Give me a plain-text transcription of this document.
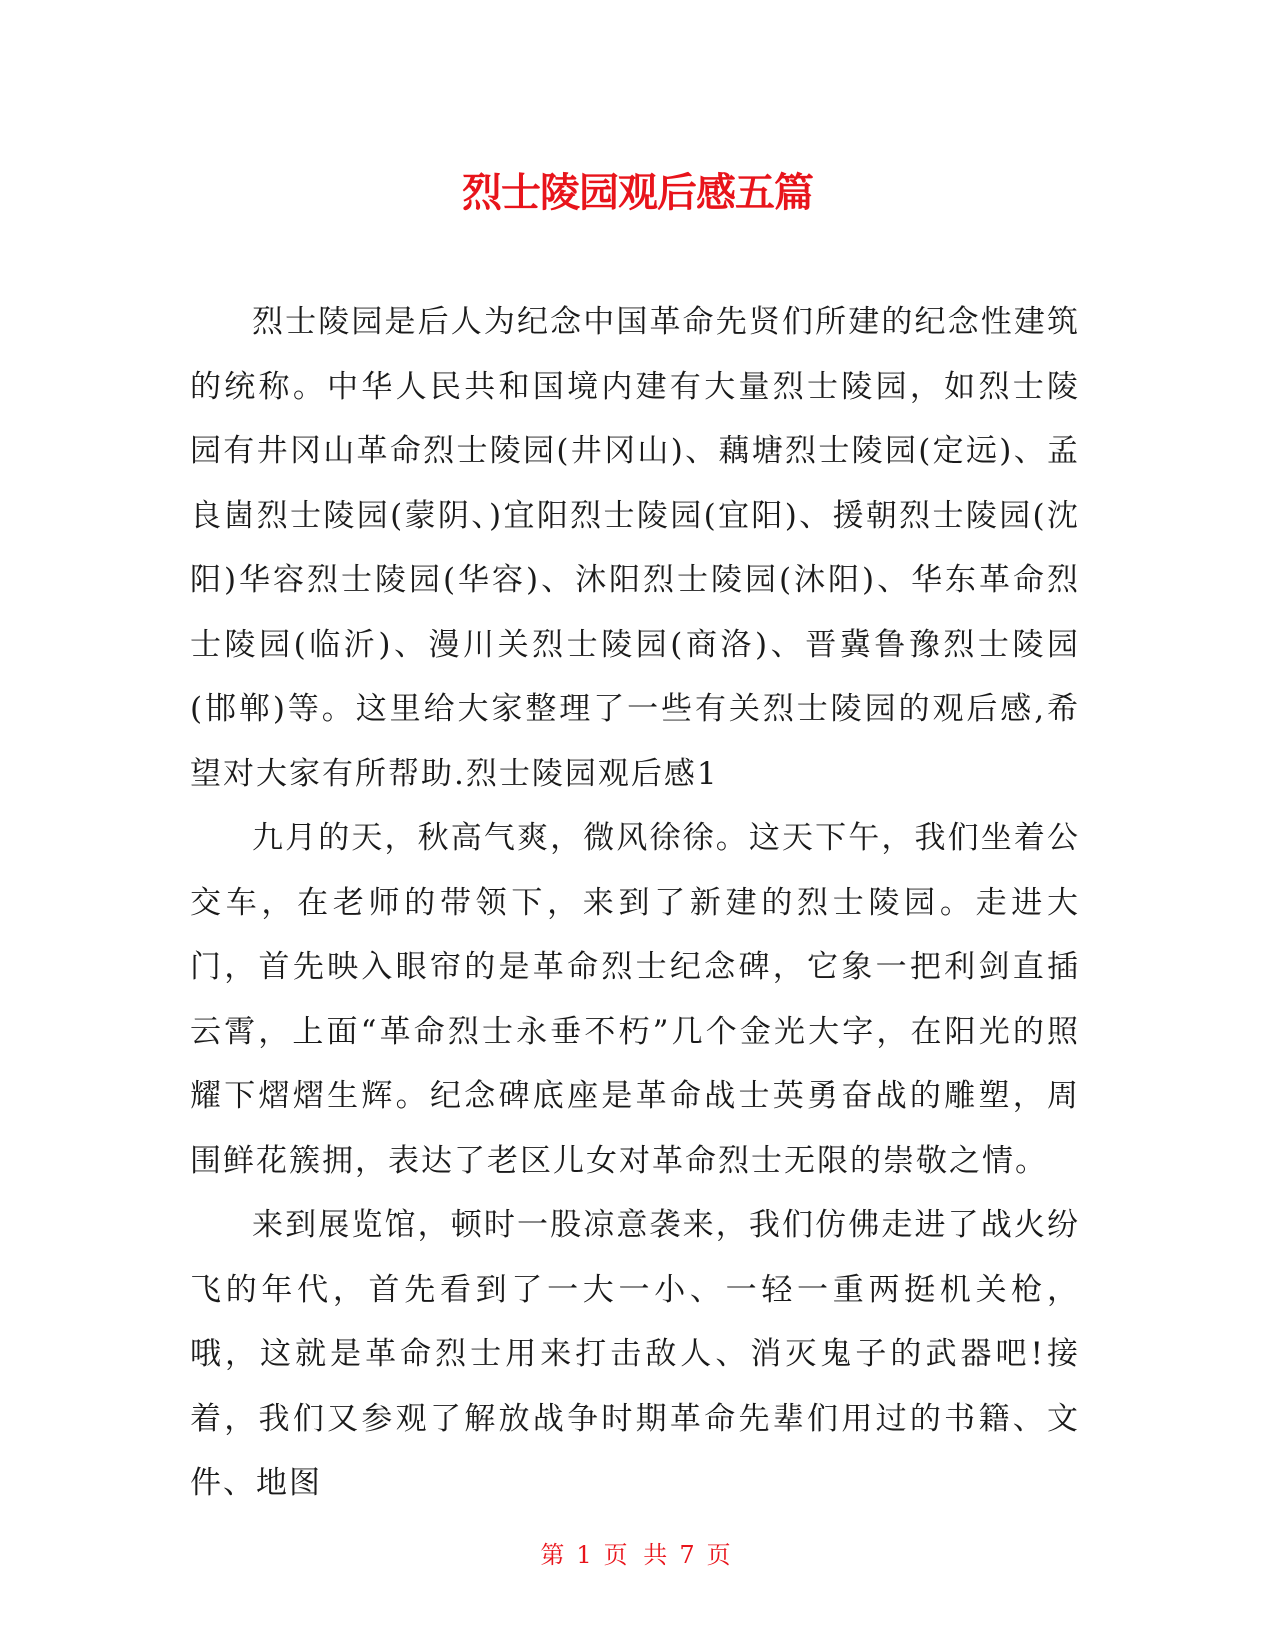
烈士陵园观后感五篇

烈士陵园是后人为纪念中国革命先贤们所建的纪念性建筑的统称。中华人民共和国境内建有大量烈士陵园，如烈士陵园有井冈山革命烈士陵园(井冈山)、藕塘烈士陵园(定远)、孟良崮烈士陵园(蒙阴、)宜阳烈士陵园(宜阳)、援朝烈士陵园(沈阳)华容烈士陵园(华容)、沐阳烈士陵园(沐阳)、华东革命烈士陵园(临沂)、漫川关烈士陵园(商洛)、晋冀鲁豫烈士陵园(邯郸)等。这里给大家整理了一些有关烈士陵园的观后感,希望对大家有所帮助.烈士陵园观后感1

九月的天，秋高气爽，微风徐徐。这天下午，我们坐着公交车，在老师的带领下，来到了新建的烈士陵园。走进大门，首先映入眼帘的是革命烈士纪念碑，它象一把利剑直插云霄，上面“革命烈士永垂不朽”几个金光大字，在阳光的照耀下熠熠生辉。纪念碑底座是革命战士英勇奋战的雕塑，周围鲜花簇拥，表达了老区儿女对革命烈士无限的崇敬之情。

来到展览馆，顿时一股凉意袭来，我们仿佛走进了战火纷飞的年代，首先看到了一大一小、一轻一重两挺机关枪，哦，这就是革命烈士用来打击敌人、消灭鬼子的武器吧!接着，我们又参观了解放战争时期革命先辈们用过的书籍、文件、地图

第 1 页 共 7 页
